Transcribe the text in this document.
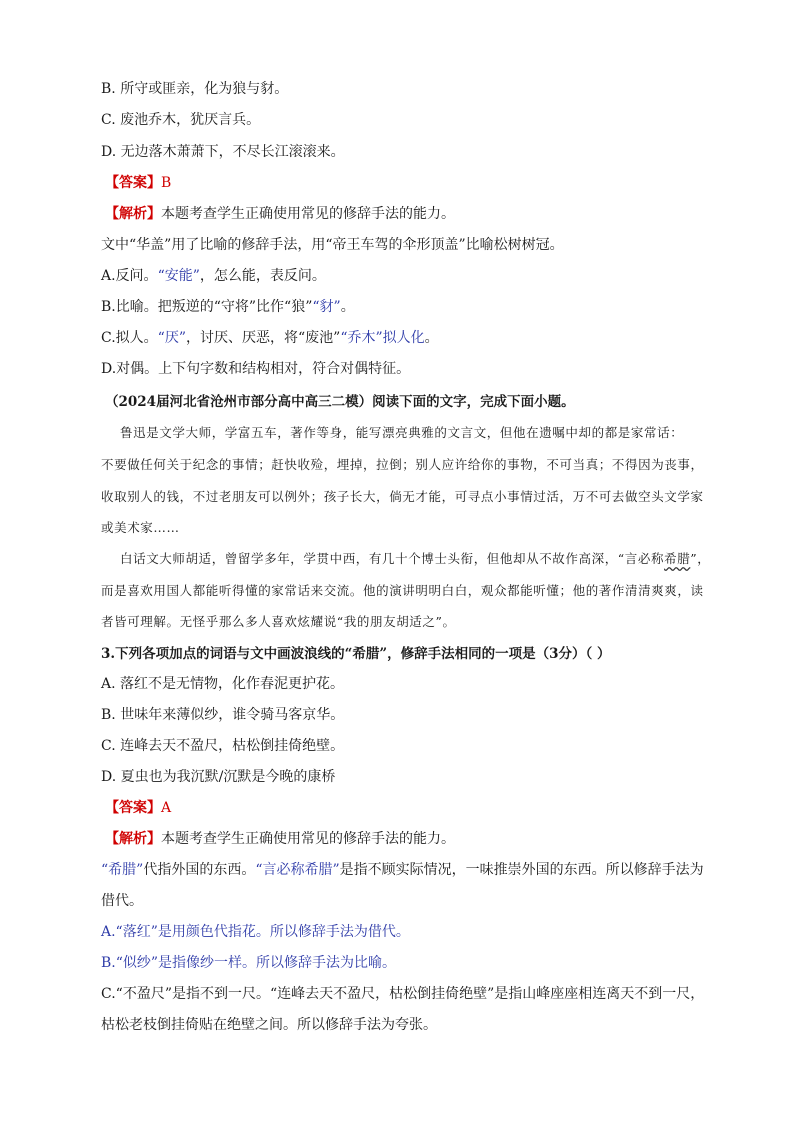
B. 所守或匪亲，化为狼与豺。
C. 废池乔木，犹厌言兵。
D. 无边落木萧萧下，不尽长江滚滚来。
【答案】B
【解析】本题考查学生正确使用常见的修辞手法的能力。
文中“华盖”用了比喻的修辞手法，用“帝王车驾的伞形顶盖”比喻松树树冠。
A.反问。“安能”，怎么能，表反问。
B.比喻。把叛逆的“守将”比作“狼”“豺”。
C.拟人。“厌”，讨厌、厌恶，将“废池”“乔木”拟人化。
D.对偶。上下句字数和结构相对，符合对偶特征。
（2024届河北省沧州市部分高中高三二模）阅读下面的文字，完成下面小题。
鲁迅是文学大师，学富五车，著作等身，能写漂亮典雅的文言文，但他在遗嘱中却的都是家常话：
不要做任何关于纪念的事情；赶快收殓，埋掉，拉倒；别人应许给你的事物，不可当真；不得因为丧事，
收取别人的钱，不过老朋友可以例外；孩子长大，倘无才能，可寻点小事情过活，万不可去做空头文学家
或美术家……
白话文大师胡适，曾留学多年，学贯中西，有几十个博士头衔，但他却从不故作高深，“言必称希腊”，
而是喜欢用国人都能听得懂的家常话来交流。他的演讲明明白白，观众都能听懂；他的著作清清爽爽，读
者皆可理解。无怪乎那么多人喜欢炫耀说“我的朋友胡适之”。
3.下列各项加点的词语与文中画波浪线的“希腊”，修辞手法相同的一项是（3分）（ ）
A. 落红不是无情物，化作春泥更护花。
B. 世味年来薄似纱，谁令骑马客京华。
C. 连峰去天不盈尺，枯松倒挂倚绝壁。
D. 夏虫也为我沉默/沉默是今晚的康桥
【答案】A
【解析】本题考查学生正确使用常见的修辞手法的能力。
“希腊”代指外国的东西。“言必称希腊”是指不顾实际情况，一味推崇外国的东西。所以修辞手法为
借代。
A.“落红”是用颜色代指花。所以修辞手法为借代。
B.“似纱”是指像纱一样。所以修辞手法为比喻。
C.“不盈尺”是指不到一尺。“连峰去天不盈尺，枯松倒挂倚绝壁”是指山峰座座相连离天不到一尺，
枯松老枝倒挂倚贴在绝壁之间。所以修辞手法为夸张。
